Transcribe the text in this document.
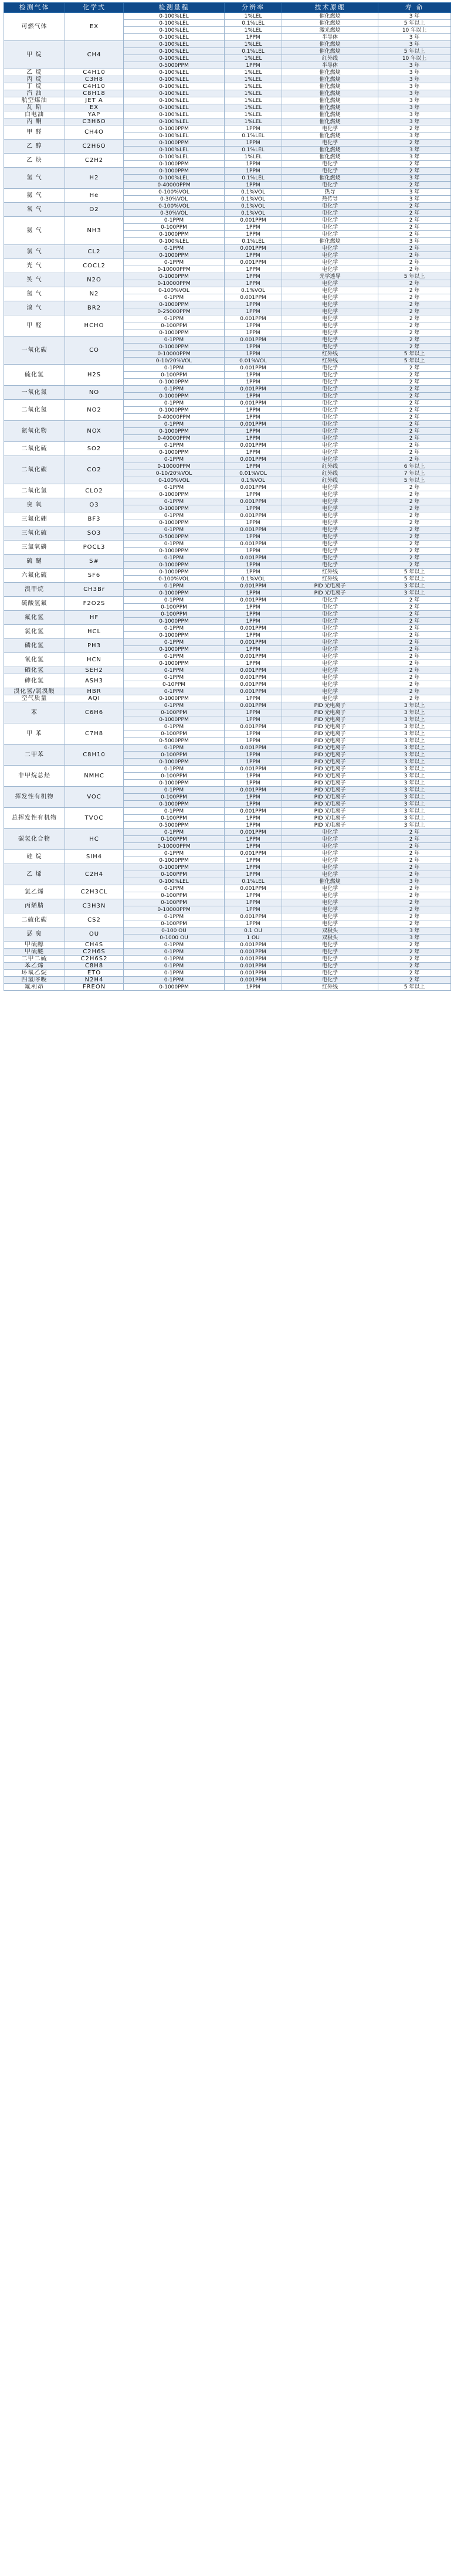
检测气体	化学式	检测量程	分辨率	技术原理	寿 命
可燃气体	EX	0-100%LEL	1%LEL	催化燃烧	3 年
		0-100%LEL	0.1%LEL	催化燃烧	5 年以上
		0-100%LEL	1%LEL	激光燃烧	10 年以上
		0-100%LEL	1PPM	半导体	3 年
甲 烷	CH4	0-100%LEL	1%LEL	催化燃烧	3 年
		0-100%LEL	0.1%LEL	催化燃烧	5 年以上
		0-100%LEL	1%LEL	红外线	10 年以上
		0-5000PPM	1PPM	半导体	3 年
乙 烷	C4H10	0-100%LEL	1%LEL	催化燃烧	3 年
丙 烷	C3H8	0-100%LEL	1%LEL	催化燃烧	3 年
丁 烷	C4H10	0-100%LEL	1%LEL	催化燃烧	3 年
汽 油	C8H18	0-100%LEL	1%LEL	催化燃烧	3 年
航空煤油	JET A	0-100%LEL	1%LEL	催化燃烧	3 年
瓦 斯	EX	0-100%LEL	1%LEL	催化燃烧	3 年
白电油	YAP	0-100%LEL	1%LEL	催化燃烧	3 年
丙 酮	C3H6O	0-100%LEL	1%LEL	催化燃烧	3 年
甲 醛	CH4O	0-1000PPM	1PPM	电化学	2 年
		0-100%LEL	0.1%LEL	催化燃烧	3 年
乙 醇	C2H6O	0-1000PPM	1PPM	电化学	2 年
		0-100%LEL	0.1%LEL	催化燃烧	3 年
乙 炔	C2H2	0-100%LEL	1%LEL	催化燃烧	3 年
		0-1000PPM	1PPM	电化学	2 年
氢 气	H2	0-1000PPM	1PPM	电化学	2 年
		0-100%LEL	0.1%LEL	催化燃烧	3 年
		0-40000PPM	1PPM	电化学	2 年
氦 气	He	0-100%VOL	0.1%VOL	热导	3 年
		0-30%VOL	0.1%VOL	热传导	3 年
氧 气	O2	0-100%VOL	0.1%VOL	电化学	2 年
		0-30%VOL	0.1%VOL	电化学	2 年
氨 气	NH3	0-1PPM	0.001PPM	电化学	2 年
		0-100PPM	1PPM	电化学	2 年
		0-1000PPM	1PPM	电化学	2 年
		0-100%LEL	0.1%LEL	催化燃烧	3 年
氯 气	CL2	0-1PPM	0.001PPM	电化学	2 年
		0-1000PPM	1PPM	电化学	2 年
光 气	COCL2	0-1PPM	0.001PPM	电化学	2 年
		0-10000PPM	1PPM	电化学	2 年
笑 气	N2O	0-1000PPM	1PPM	光学透导	5 年以上
		0-10000PPM	1PPM	电化学	2 年
氮 气	N2	0-100%VOL	0.1%VOL	电化学	2 年
		0-1PPM	0.001PPM	电化学	2 年
溴 气	BR2	0-1000PPM	1PPM	电化学	2 年
		0-25000PPM	1PPM	电化学	2 年
甲 醛	HCHO	0-1PPM	0.001PPM	电化学	2 年
		0-100PPM	1PPM	电化学	2 年
		0-1000PPM	1PPM	电化学	2 年
一氧化碳	CO	0-1PPM	0.001PPM	电化学	2 年
		0-1000PPM	1PPM	电化学	2 年
		0-10000PPM	1PPM	红外线	5 年以上
		0-10/20%VOL	0.01%VOL	红外线	5 年以上
硫化氢	H2S	0-1PPM	0.001PPM	电化学	2 年
		0-100PPM	1PPM	电化学	2 年
		0-1000PPM	1PPM	电化学	2 年
一氧化氮	NO	0-1PPM	0.001PPM	电化学	2 年
		0-1000PPM	1PPM	电化学	2 年
二氧化氮	NO2	0-1PPM	0.001PPM	电化学	2 年
		0-1000PPM	1PPM	电化学	2 年
		0-40000PPM	1PPM	电化学	2 年
氮氧化物	NOX	0-1PPM	0.001PPM	电化学	2 年
		0-1000PPM	1PPM	电化学	2 年
		0-40000PPM	1PPM	电化学	2 年
二氧化硫	SO2	0-1PPM	0.001PPM	电化学	2 年
		0-1000PPM	1PPM	电化学	2 年
二氧化碳	CO2	0-1PPM	0.001PPM	电化学	2 年
		0-10000PPM	1PPM	红外线	6 年以上
		0-10/20%VOL	0.01%VOL	红外线	7 年以上
		0-100%VOL	0.1%VOL	红外线	5 年以上
二氧化氯	CLO2	0-1PPM	0.001PPM	电化学	2 年
		0-1000PPM	1PPM	电化学	2 年
臭 氧	O3	0-1PPM	0.001PPM	电化学	2 年
		0-1000PPM	1PPM	电化学	2 年
三氟化硼	BF3	0-1PPM	0.001PPM	电化学	2 年
		0-1000PPM	1PPM	电化学	2 年
三氧化硫	SO3	0-1PPM	0.001PPM	电化学	2 年
		0-5000PPM	1PPM	电化学	2 年
三氯氧磷	POCL3	0-1PPM	0.001PPM	电化学	2 年
		0-1000PPM	1PPM	电化学	2 年
硫 醚	S#	0-1PPM	0.001PPM	电化学	2 年
		0-1000PPM	1PPM	电化学	2 年
六氟化硫	SF6	0-1000PPM	1PPM	红外线	5 年以上
		0-100%VOL	0.1%VOL	红外线	5 年以上
溴甲烷	CH3Br	0-1PPM	0.001PPM	PID 光电离子	3 年以上
		0-1000PPM	1PPM	PID 光电离子	3 年以上
硫酸氢氟	F2O2S	0-1PPM	0.001PPM	电化学	2 年
		0-100PPM	1PPM	电化学	2 年
氟化氢	HF	0-100PPM	1PPM	电化学	2 年
		0-1000PPM	1PPM	电化学	2 年
氯化氢	HCL	0-1PPM	0.001PPM	电化学	2 年
		0-1000PPM	1PPM	电化学	2 年
磷化氢	PH3	0-1PPM	0.001PPM	电化学	2 年
		0-1000PPM	1PPM	电化学	2 年
氰化氢	HCN	0-1PPM	0.001PPM	电化学	2 年
		0-1000PPM	1PPM	电化学	2 年
硒化氢	SEH2	0-1PPM	0.001PPM	电化学	2 年
砷化氢	ASH3	0-1PPM	0.001PPM	电化学	2 年
		0-10PPM	0.001PPM	电化学	2 年
溴化氢/氯溴酸	HBR	0-1PPM	0.001PPM	电化学	2 年
空气质量	AQI	0-1000PPM	1PPM	电化学	2 年
苯	C6H6	0-1PPM	0.001PPM	PID 光电离子	3 年以上
		0-100PPM	1PPM	PID 光电离子	3 年以上
		0-1000PPM	1PPM	PID 光电离子	3 年以上
甲 苯	C7H8	0-1PPM	0.001PPM	PID 光电离子	3 年以上
		0-100PPM	1PPM	PID 光电离子	3 年以上
		0-5000PPM	1PPM	PID 光电离子	3 年以上
二甲苯	C8H10	0-1PPM	0.001PPM	PID 光电离子	3 年以上
		0-100PPM	1PPM	PID 光电离子	3 年以上
		0-1000PPM	1PPM	PID 光电离子	3 年以上
非甲烷总烃	NMHC	0-1PPM	0.001PPM	PID 光电离子	3 年以上
		0-100PPM	1PPM	PID 光电离子	3 年以上
		0-1000PPM	1PPM	PID 光电离子	3 年以上
挥发性有机物	VOC	0-1PPM	0.001PPM	PID 光电离子	3 年以上
		0-100PPM	1PPM	PID 光电离子	3 年以上
		0-1000PPM	1PPM	PID 光电离子	3 年以上
总挥发性有机物	TVOC	0-1PPM	0.001PPM	PID 光电离子	3 年以上
		0-100PPM	1PPM	PID 光电离子	3 年以上
		0-5000PPM	1PPM	PID 光电离子	3 年以上
碳氢化合物	HC	0-1PPM	0.001PPM	电化学	2 年
		0-100PPM	1PPM	电化学	2 年
		0-10000PPM	1PPM	电化学	2 年
硅 烷	SIH4	0-1PPM	0.001PPM	电化学	2 年
		0-1000PPM	1PPM	电化学	2 年
乙 烯	C2H4	0-1000PPM	1PPM	电化学	2 年
		0-100PPM	1PPM	电化学	2 年
		0-100%LEL	0.1%LEL	催化燃烧	3 年
氯乙烯	C2H3CL	0-1PPM	0.001PPM	电化学	2 年
		0-100PPM	1PPM	电化学	2 年
丙烯腈	C3H3N	0-100PPM	1PPM	电化学	2 年
		0-10000PPM	1PPM	电化学	2 年
二硫化碳	CS2	0-1PPM	0.001PPM	电化学	2 年
		0-100PPM	1PPM	电化学	2 年
恶 臭	OU	0-100 OU	0.1 OU	双极头	3 年
		0-1000 OU	1 OU	双极头	3 年
甲硫醇	CH4S	0-1PPM	0.001PPM	电化学	2 年
甲硫醚	C2H6S	0-1PPM	0.001PPM	电化学	2 年
二甲二硫	C2H6S2	0-1PPM	0.001PPM	电化学	2 年
苯乙烯	C8H8	0-1PPM	0.001PPM	电化学	2 年
环氧乙烷	ETO	0-1PPM	0.001PPM	电化学	2 年
四氢呼吸	N2H4	0-1PPM	0.001PPM	电化学	2 年
氟利昂	FREON	0-1000PPM	1PPM	红外线	5 年以上
